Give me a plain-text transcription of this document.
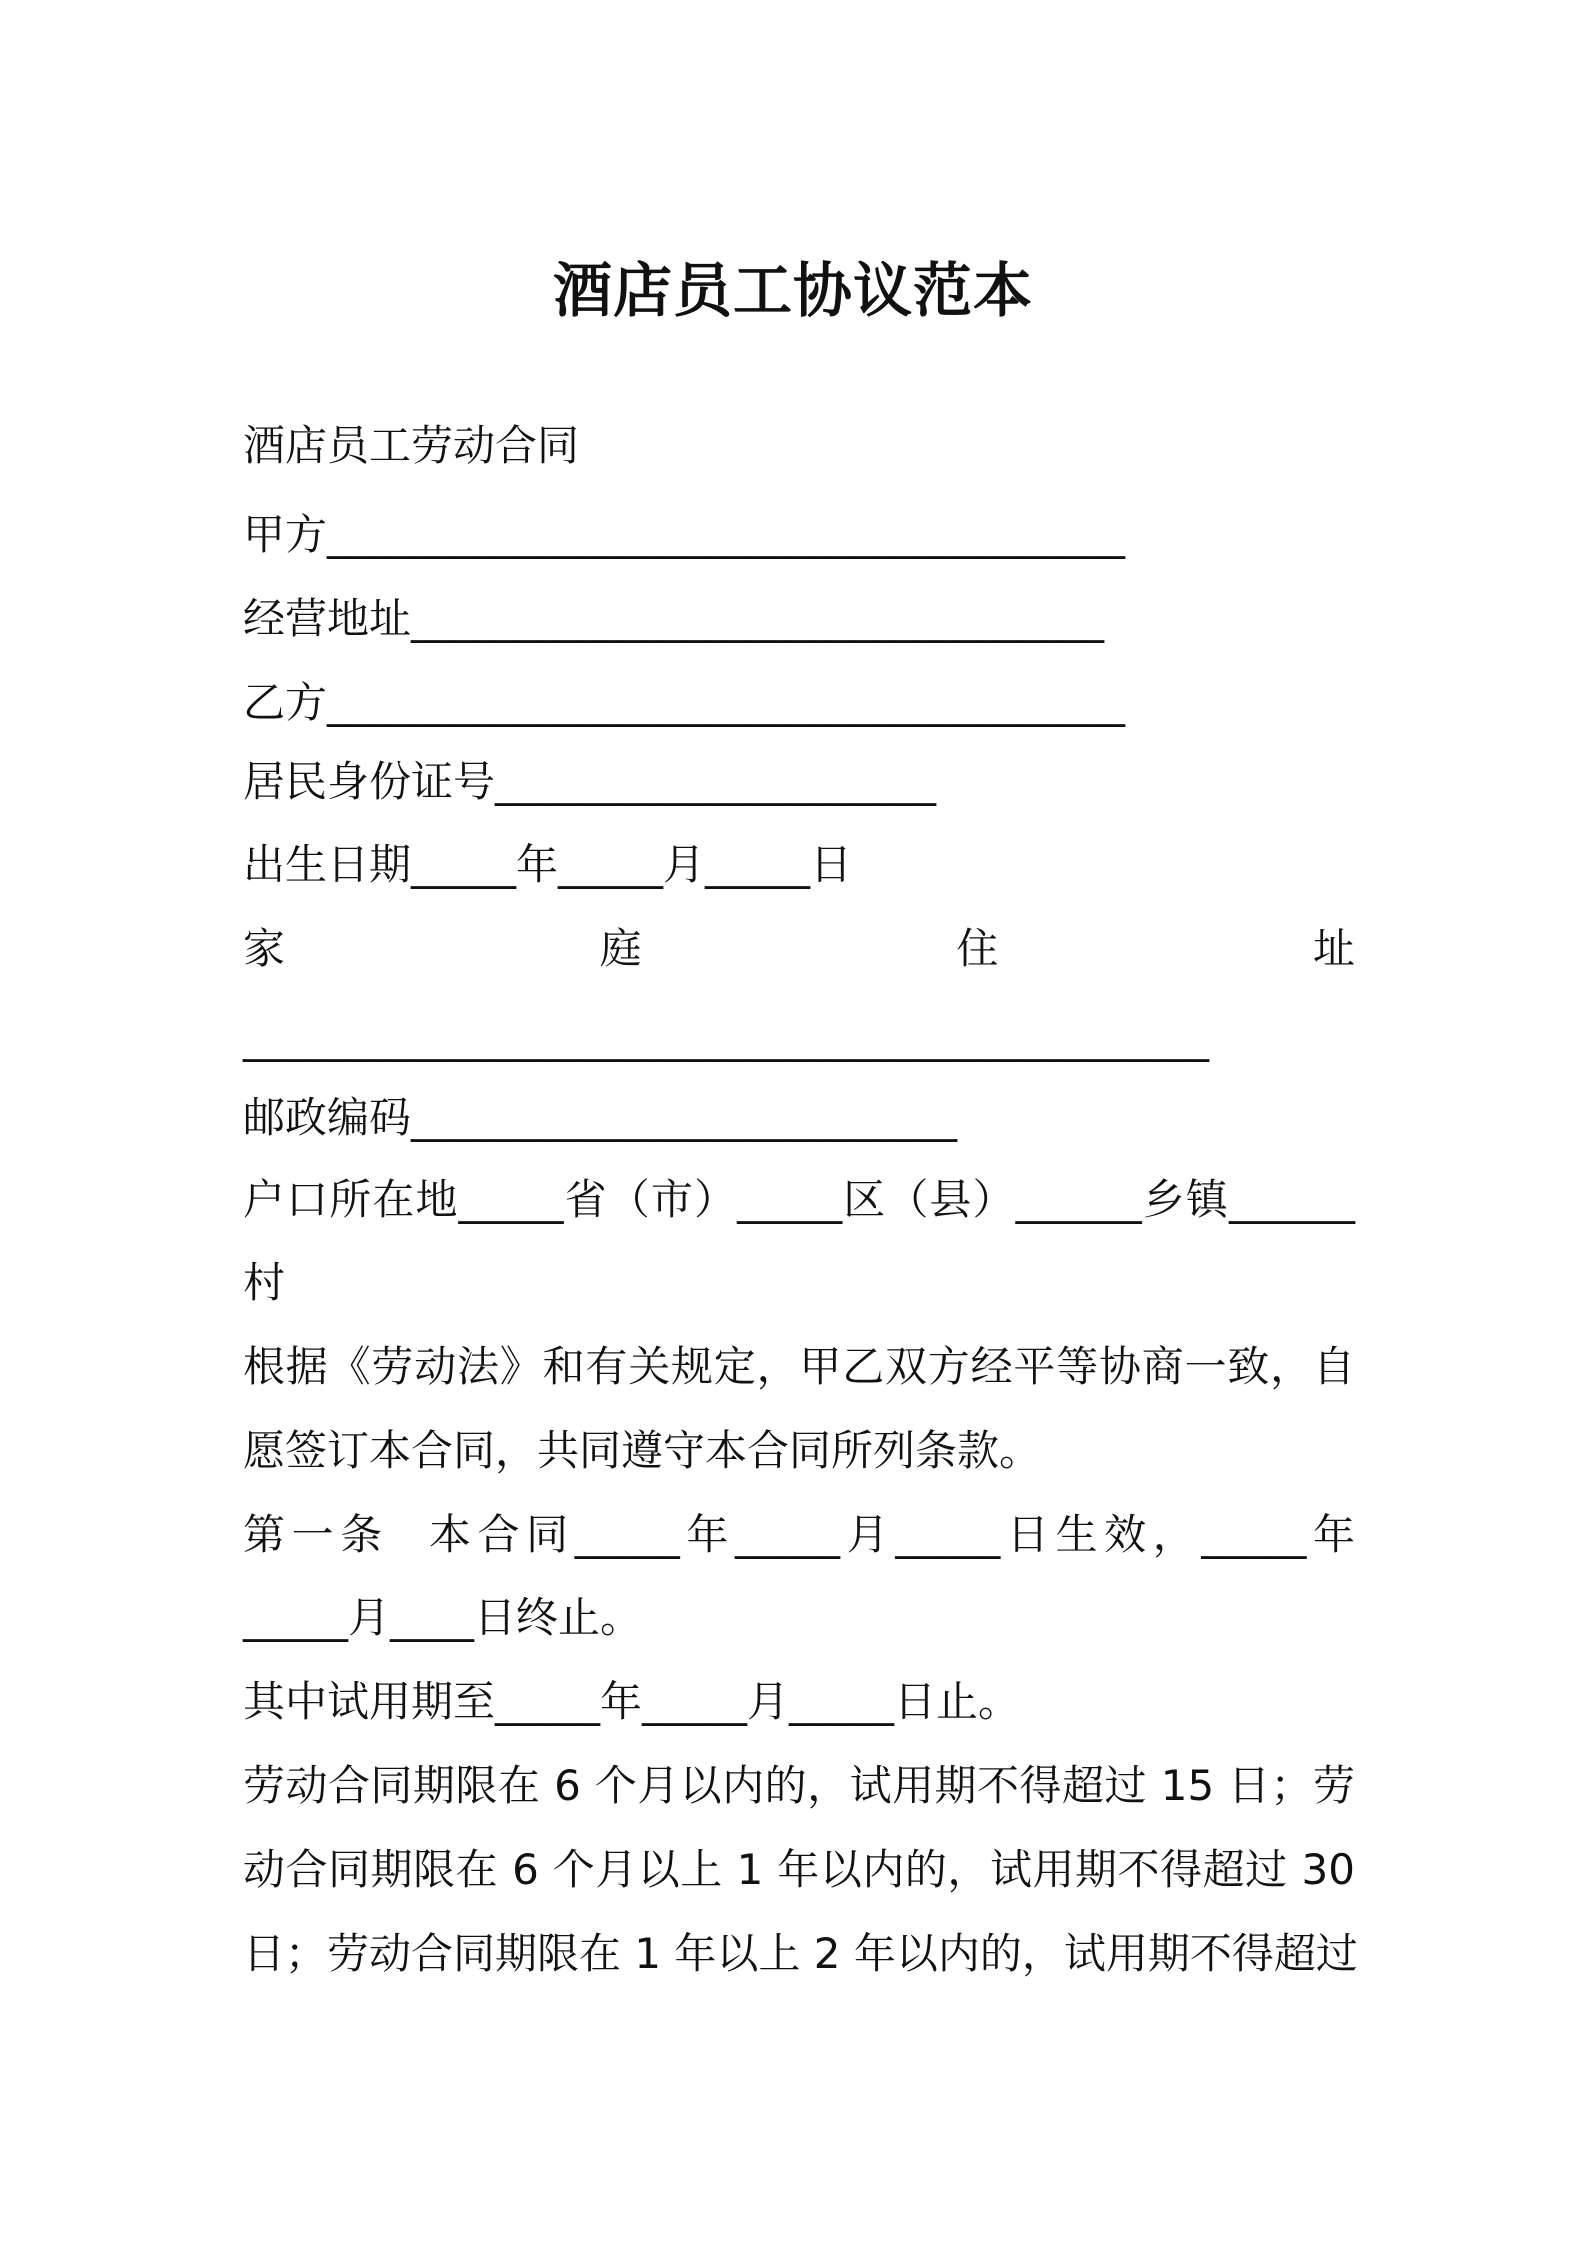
酒店员工协议范本
酒店员工劳动合同
甲方______________________________________
经营地址_________________________________
乙方______________________________________
居民身份证号_____________________
出生日期_____年_____月_____日
家	庭	住	址
______________________________________________
邮政编码__________________________
户口所在地_____省（市）_____区（县）______乡镇______
村
根据《劳动法》和有关规定，甲乙双方经平等协商一致，自
愿签订本合同，共同遵守本合同所列条款。
第一条  本合同_____年_____月_____日生效，_____年
_____月____日终止。
其中试用期至_____年_____月_____日止。
劳动合同期限在 6 个月以内的，试用期不得超过 15 日；劳
动合同期限在 6 个月以上 1 年以内的，试用期不得超过 30
日；劳动合同期限在 1 年以上 2 年以内的，试用期不得超过
